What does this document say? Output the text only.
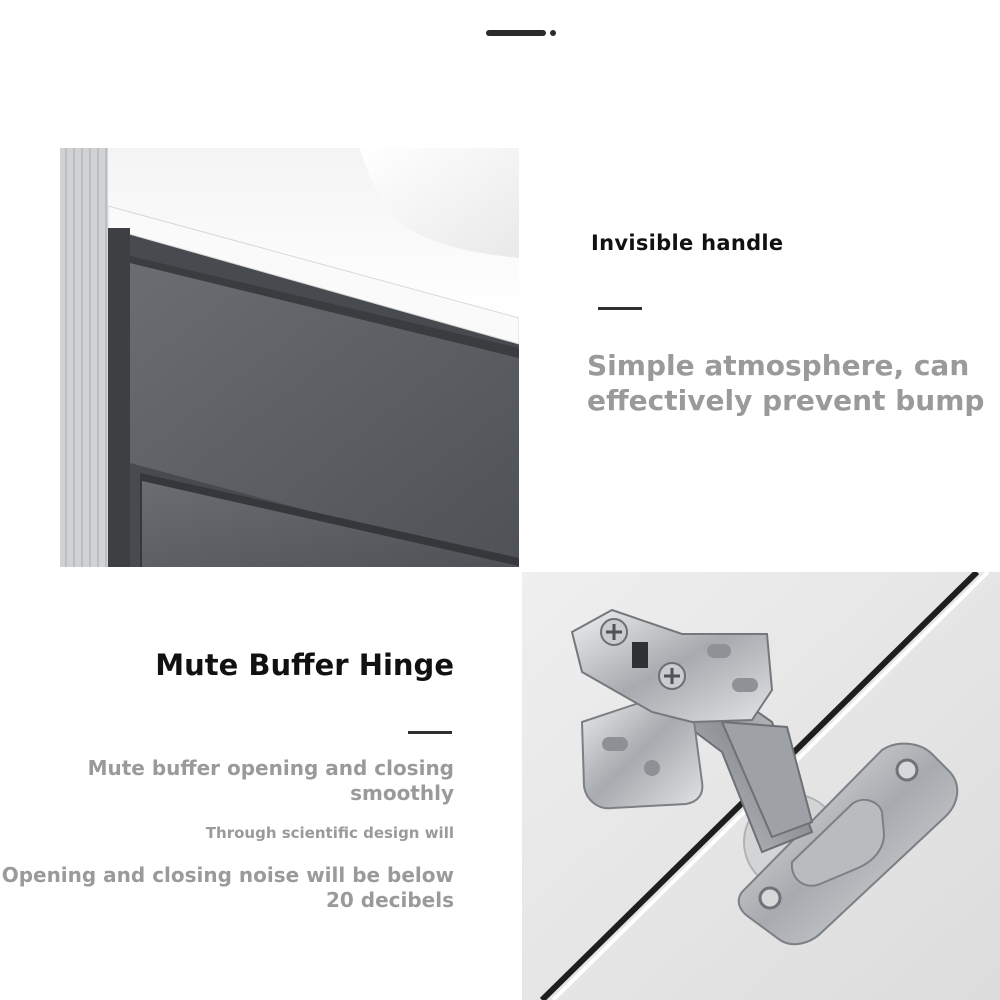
Invisible handle
Simple atmosphere, can effectively prevent bump
Mute Buffer Hinge
Mute buffer opening and closing smoothly
Through scientific design will
Opening and closing noise will be below 20 decibels
